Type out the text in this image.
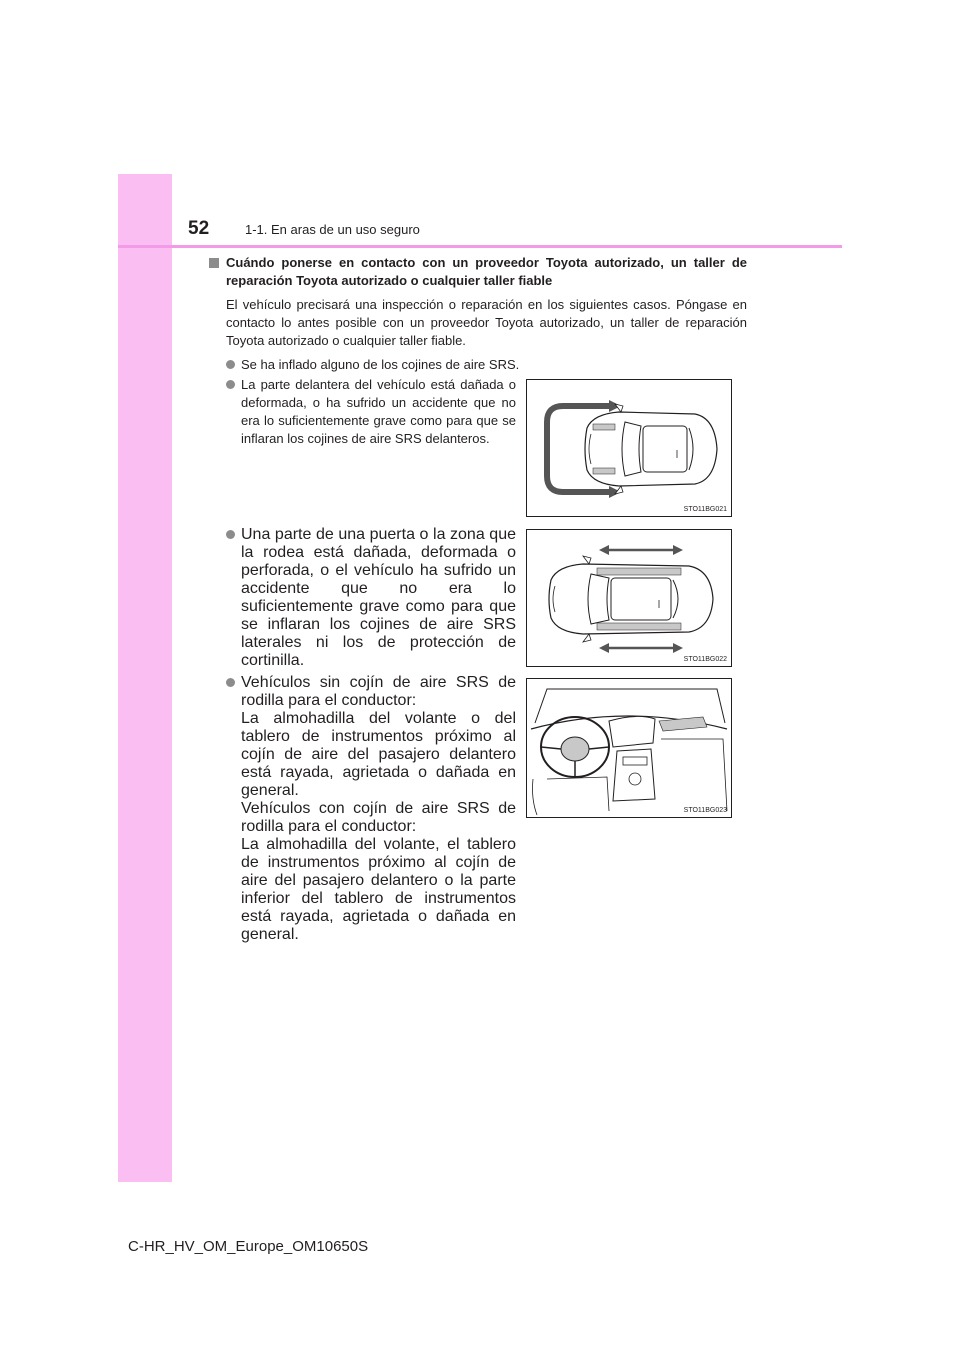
52	1-1. En aras de un uso seguro
Cuándo ponerse en contacto con un proveedor Toyota autorizado, un taller de reparación Toyota autorizado o cualquier taller fiable
El vehículo precisará una inspección o reparación en los siguientes casos. Póngase en contacto lo antes posible con un proveedor Toyota autorizado, un taller de reparación Toyota autorizado o cualquier taller fiable.
Se ha inflado alguno de los cojines de aire SRS.
La parte delantera del vehículo está dañada o deformada, o ha sufrido un accidente que no era lo suficientemente grave como para que se inflaran los cojines de aire SRS delanteros.
STO11BG021
Una parte de una puerta o la zona que la rodea está dañada, deformada o perforada, o el vehículo ha sufrido un accidente que no era lo suficientemente grave como para que se inflaran los cojines de aire SRS laterales ni los de protección de cortinilla.	STO11BG022
Vehículos sin cojín de aire SRS de rodilla para el conductor:
La almohadilla del volante o del tablero de instrumentos próximo al cojín de aire del pasajero delantero está rayada, agrietada o dañada en general.
Vehículos con cojín de aire SRS de rodilla para el conductor:
La almohadilla del volante, el tablero de instrumentos próximo al cojín de aire del pasajero delantero o la parte inferior del tablero de instrumentos está rayada, agrietada o dañada en general.
STO11BG023
C-HR_HV_OM_Europe_OM10650S
